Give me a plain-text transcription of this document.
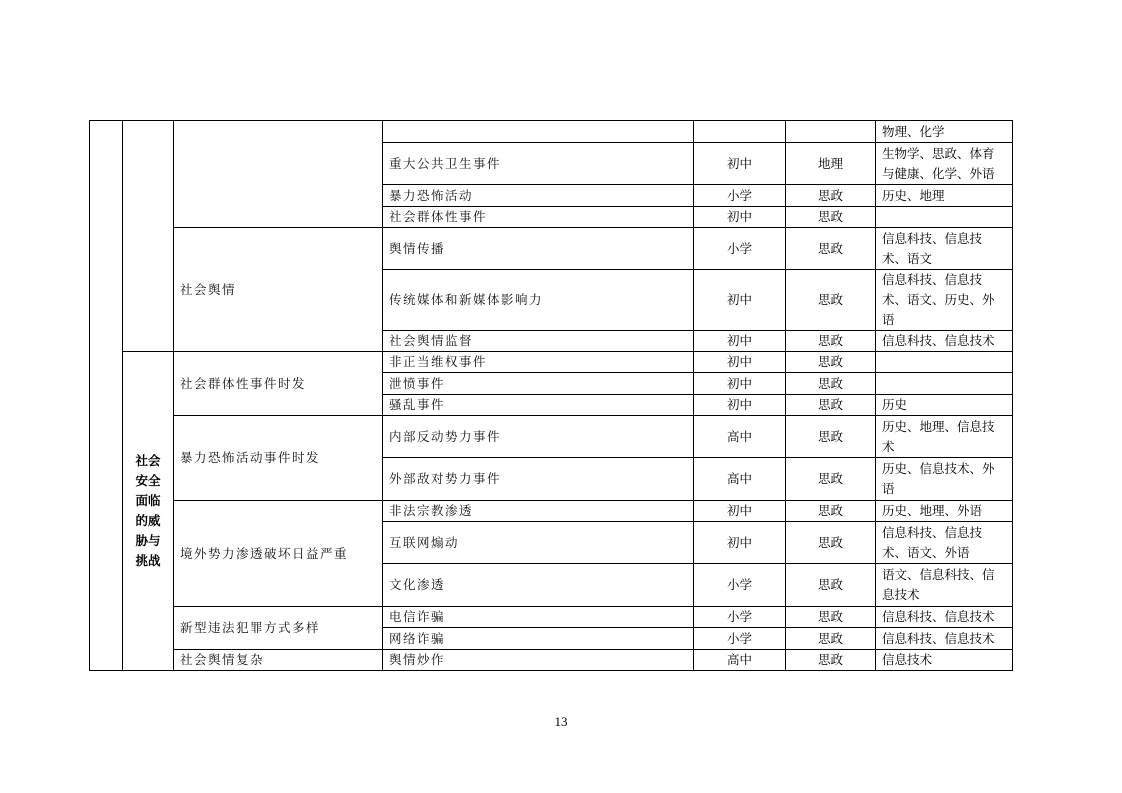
						物理、化学
			重大公共卫生事件	初中	地理	生物学、思政、体育与健康、化学、外语
			暴力恐怖活动	小学	思政	历史、地理
			社会群体性事件	初中	思政	
		社会舆情	舆情传播	小学	思政	信息科技、信息技术、语文
			传统媒体和新媒体影响力	初中	思政	信息科技、信息技术、语文、历史、外语
			社会舆情监督	初中	思政	信息科技、信息技术

	社会安全面临的威胁与挑战	社会群体性事件时发	非正当维权事件	初中	思政	
			泄愤事件	初中	思政	
			骚乱事件	初中	思政	历史
		暴力恐怖活动事件时发	内部反动势力事件	高中	思政	历史、地理、信息技术
			外部敌对势力事件	高中	思政	历史、信息技术、外语
		境外势力渗透破坏日益严重	非法宗教渗透	初中	思政	历史、地理、外语
			互联网煽动	初中	思政	信息科技、信息技术、语文、外语
			文化渗透	小学	思政	语文、信息科技、信息技术
		新型违法犯罪方式多样	电信诈骗	小学	思政	信息科技、信息技术
			网络诈骗	小学	思政	信息科技、信息技术
		社会舆情复杂	舆情炒作	高中	思政	信息技术
13
